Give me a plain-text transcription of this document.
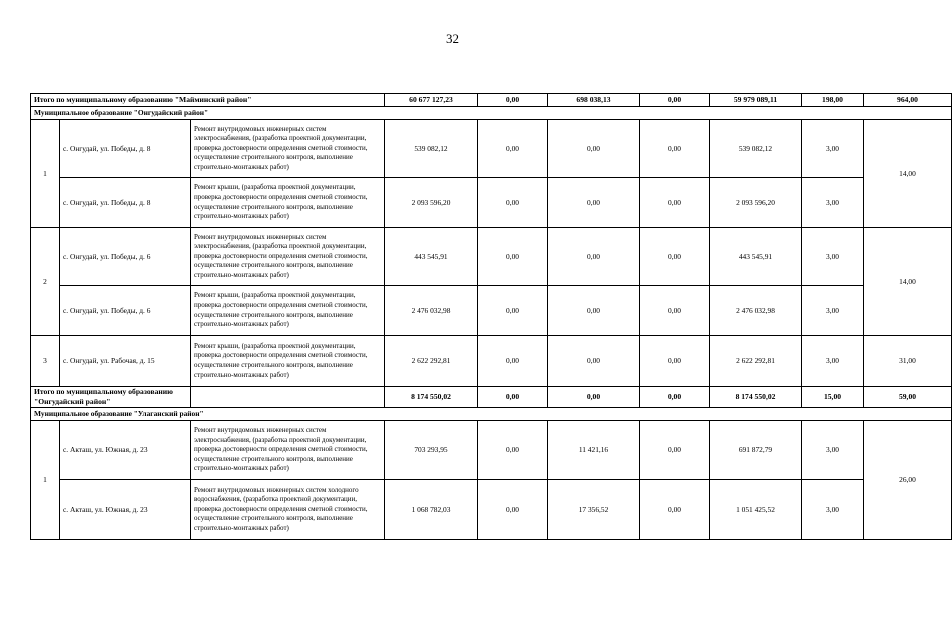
32
Итого по муниципальному образованию "Майминский район"			60 677 127,23	0,00	698 038,13	0,00	59 979 089,11	198,00	964,00
Муниципальное образование "Онгудайский район"									
1	с. Онгудай, ул. Победы, д. 8	Ремонт внутридомовых инженерных систем электроснабжения, (разработка проектной документации, проверка достоверности определения сметной стоимости, осуществление строительного контроля, выполнение строительно-монтажных работ)	539 082,12	0,00	0,00	0,00	539 082,12	3,00	14,00
	с. Онгудай, ул. Победы, д. 8	Ремонт крыши, (разработка проектной документации, проверка достоверности определения сметной стоимости, осуществление строительного контроля, выполнение строительно-монтажных работ)	2 093 596,20	0,00	0,00	0,00	2 093 596,20	3,00	
2	с. Онгудай, ул. Победы, д. 6	Ремонт внутридомовых инженерных систем электроснабжения, (разработка проектной документации, проверка достоверности определения сметной стоимости, осуществление строительного контроля, выполнение строительно-монтажных работ)	443 545,91	0,00	0,00	0,00	443 545,91	3,00	14,00
	с. Онгудай, ул. Победы, д. 6	Ремонт крыши, (разработка проектной документации, проверка достоверности определения сметной стоимости, осуществление строительного контроля, выполнение строительно-монтажных работ)	2 476 032,98	0,00	0,00	0,00	2 476 032,98	3,00	
3	с. Онгудай, ул. Рабочая, д. 15	Ремонт крыши, (разработка проектной документации, проверка достоверности определения сметной стоимости, осуществление строительного контроля, выполнение строительно-монтажных работ)	2 622 292,81	0,00	0,00	0,00	2 622 292,81	3,00	31,00
Итого по муниципальному образованию "Онгудайский район"			8 174 550,02	0,00	0,00	0,00	8 174 550,02	15,00	59,00
Муниципальное образование "Улаганский район"									
1	с. Акташ, ул. Южная, д. 23	Ремонт внутридомовых инженерных систем электроснабжения, (разработка проектной документации, проверка достоверности определения сметной стоимости, осуществление строительного контроля, выполнение строительно-монтажных работ)	703 293,95	0,00	11 421,16	0,00	691 872,79	3,00	26,00
	с. Акташ, ул. Южная, д. 23	Ремонт внутридомовых инженерных систем холодного водоснабжения, (разработка проектной документации, проверка достоверности определения сметной стоимости, осуществление строительного контроля, выполнение строительно-монтажных работ)	1 068 782,03	0,00	17 356,52	0,00	1 051 425,52	3,00	
